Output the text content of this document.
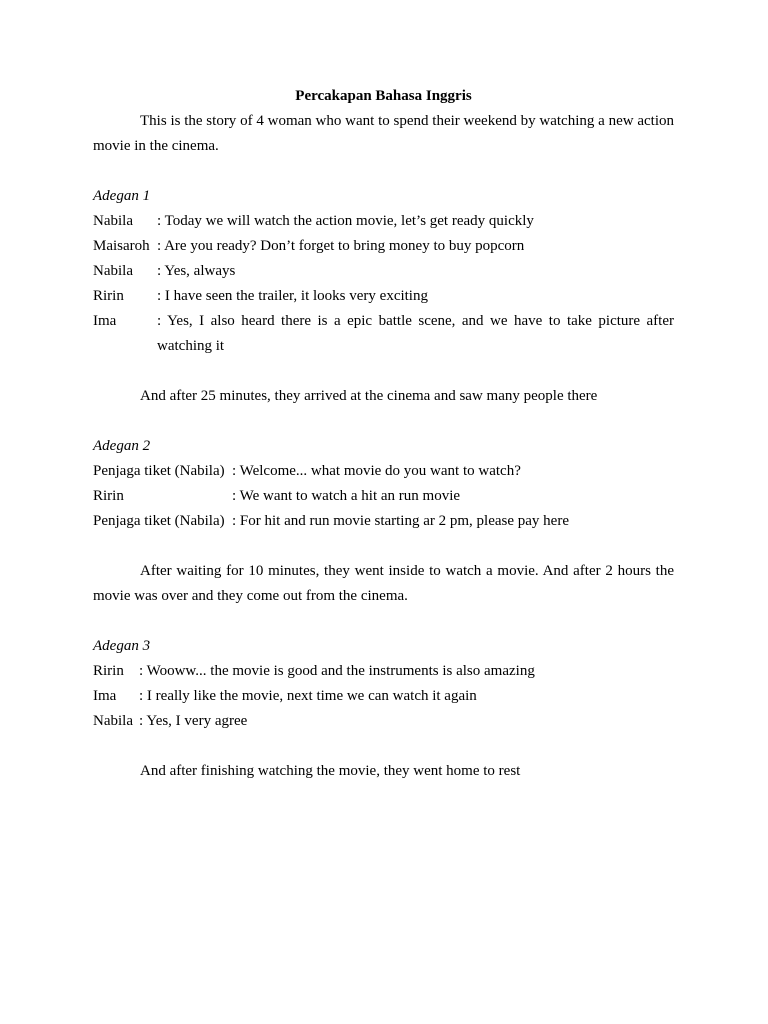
Percakapan Bahasa Inggris

This is the story of 4 woman who want to spend their weekend by watching a new action movie in the cinema.

Adegan 1
Nabila	: Today we will watch the action movie, let’s get ready quickly
Maisaroh : Are you ready? Don’t forget to bring money to buy popcorn
Nabila	: Yes, always
Ririn	: I have seen the trailer, it looks very exciting
Ima	: Yes, I also heard there is a epic battle scene, and we have to take picture after watching it
And after 25 minutes, they arrived at the cinema and saw many people there
Adegan 2
Penjaga tiket (Nabila) : Welcome... what movie do you want to watch?
Ririn	: We want to watch a hit an run movie
Penjaga tiket (Nabila) : For hit and run movie starting ar 2 pm, please pay here

After waiting for 10 minutes, they went inside to watch a movie. And after 2 hours the movie was over and they come out from the cinema.

Adegan 3
Ririn	: Wooww... the movie is good and the instruments is also amazing
Ima	: I really like the movie, next time we can watch it again
Nabila : Yes, I very agree
And after finishing watching the movie, they went home to rest
